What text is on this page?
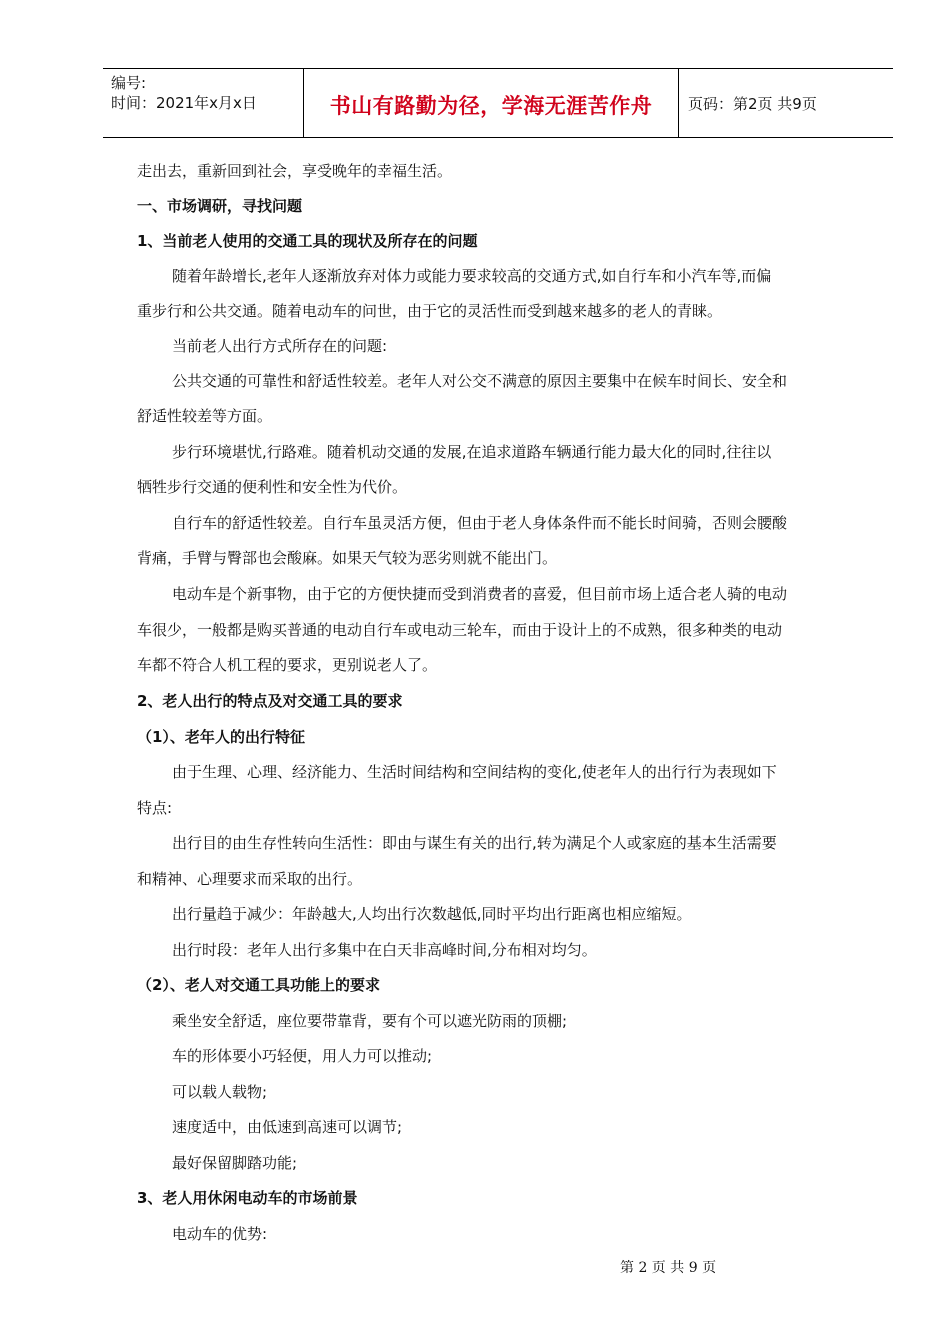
编号:
时间：2021年x月x日	书山有路勤为径，学海无涯苦作舟	页码：第2页 共9页
走出去，重新回到社会，享受晚年的幸福生活。
一、市场调研，寻找问题
1、当前老人使用的交通工具的现状及所存在的问题
随着年龄增长,老年人逐渐放弃对体力或能力要求较高的交通方式,如自行车和小汽车等,而偏
重步行和公共交通。随着电动车的问世，由于它的灵活性而受到越来越多的老人的青睐。
当前老人出行方式所存在的问题:
公共交通的可靠性和舒适性较差。老年人对公交不满意的原因主要集中在候车时间长、安全和
舒适性较差等方面。
步行环境堪忧,行路难。随着机动交通的发展,在追求道路车辆通行能力最大化的同时,往往以
牺牲步行交通的便利性和安全性为代价。
自行车的舒适性较差。自行车虽灵活方便，但由于老人身体条件而不能长时间骑，否则会腰酸
背痛，手臂与臀部也会酸麻。如果天气较为恶劣则就不能出门。
电动车是个新事物，由于它的方便快捷而受到消费者的喜爱，但目前市场上适合老人骑的电动
车很少，一般都是购买普通的电动自行车或电动三轮车，而由于设计上的不成熟，很多种类的电动
车都不符合人机工程的要求，更别说老人了。
2、老人出行的特点及对交通工具的要求
（1）、老年人的出行特征
由于生理、心理、经济能力、生活时间结构和空间结构的变化,使老年人的出行行为表现如下
特点:
出行目的由生存性转向生活性：即由与谋生有关的出行,转为满足个人或家庭的基本生活需要
和精神、心理要求而采取的出行。
出行量趋于减少：年龄越大,人均出行次数越低,同时平均出行距离也相应缩短。
出行时段：老年人出行多集中在白天非高峰时间,分布相对均匀。
（2）、老人对交通工具功能上的要求
乘坐安全舒适，座位要带靠背，要有个可以遮光防雨的顶棚;
车的形体要小巧轻便，用人力可以推动;
可以载人载物;
速度适中，由低速到高速可以调节;
最好保留脚踏功能;
3、老人用休闲电动车的市场前景
电动车的优势:
第 2 页 共 9 页
